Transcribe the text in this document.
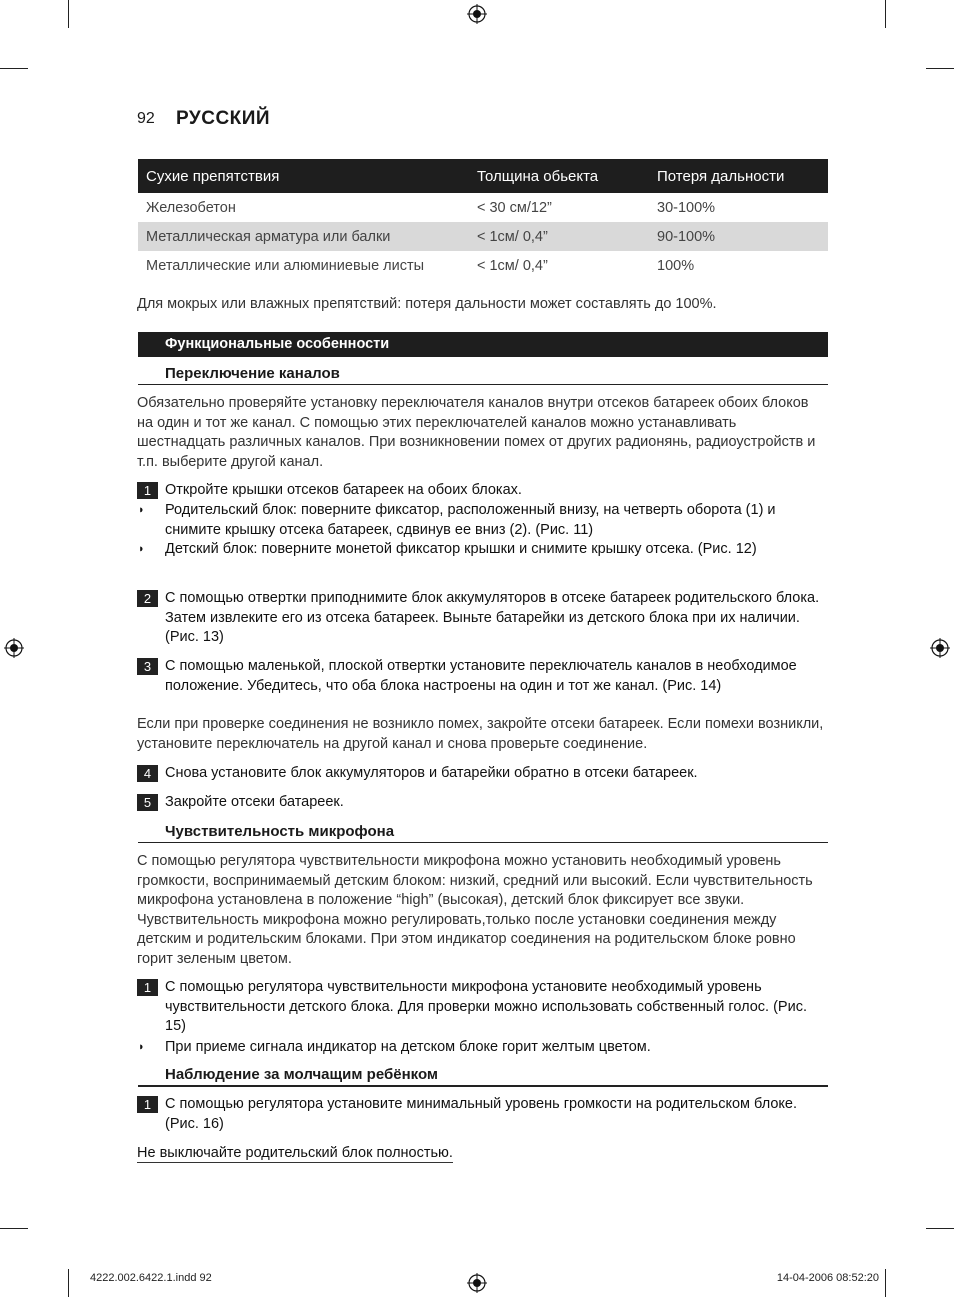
92 РУССКИЙ
Сухие препятствия	Толщина обьекта	Потеря дальности
Железобетон	< 30 см/12”	30-100%
Металлическая арматура или балки	< 1см/ 0,4”	90-100%
Металлические или алюминиевые листы	< 1см/ 0,4”	100%
Для мокрых или влажных препятствий: потеря дальности может составлять до 100%.
Функциональные особенности
Переключение каналов
Обязательно проверяйте установку переключателя каналов внутри отсеков батареек обоих блоков на один и тот же канал. С помощью этих переключателей каналов можно устанавливать шестнадцать различных каналов. При возникновении помех от других радионянь, радиоустройств и т.п. выберите другой канал.
1 Откройте крышки отсеков батареек на обоих блоках.
◗ Родительский блок: поверните фиксатор, расположенный внизу, на четверть оборота (1) и снимите крышку отсека батареек, сдвинув ее вниз (2). (Рис. 11)
◗ Детский блок: поверните монетой фиксатор крышки и снимите крышку отсека. (Рис. 12)
2 С помощью отвертки приподнимите блок аккумуляторов в отсеке батареек родительского блока. Затем извлеките его из отсека батареек. Выньте батарейки из детского блока при их наличии. (Рис. 13)
3 С помощью маленькой, плоской отвертки установите переключатель каналов в необходимое положение. Убедитесь, что оба блока настроены на один и тот же канал. (Рис. 14)
Если при проверке соединения не возникло помех, закройте отсеки батареек. Если помехи возникли, установите переключатель на другой канал и снова проверьте соединение.
4 Снова установите блок аккумуляторов и батарейки обратно в отсеки батареек.
5 Закройте отсеки батареек.
Чувствительность микрофона
С помощью регулятора чувствительности микрофона можно установить необходимый уровень громкости, воспринимаемый детским блоком: низкий, средний или высокий. Если чувствительность микрофона установлена в положение “high” (высокая), детский блок фиксирует все звуки. Чувствительность микрофона можно регулировать,только после установки соединения между детским и родительским блоками. При этом индикатор соединения на родительском блоке ровно горит зеленым цветом.
1 С помощью регулятора чувствительности микрофона установите необходимый уровень чувствительности детского блока. Для проверки можно использовать собственный голос. (Рис. 15)
◗ При приеме сигнала индикатор на детском блоке горит желтым цветом.
Наблюдение за молчащим ребёнком
1 С помощью регулятора установите минимальный уровень громкости на родительском блоке. (Рис. 16)
Не выключайте родительский блок полностью.
4222.002.6422.1.indd 92	14-04-2006 08:52:20
